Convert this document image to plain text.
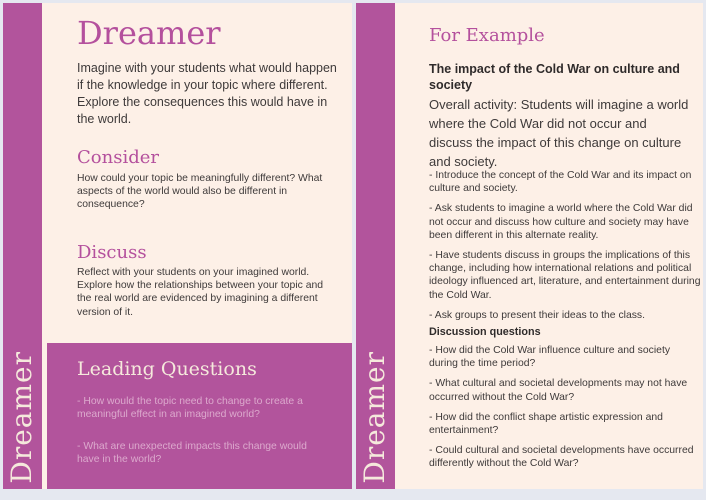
Dreamer
Dreamer
Imagine with your students what would happen if the knowledge in your topic where different. Explore the consequences this would have in the world.
Consider
How could your topic be meaningfully different? What aspects of the world would also be different in consequence?
Discuss
Reflect with your students on your imagined world. Explore how the relationships between your topic and the real world are evidenced by imagining a different version of it.
Leading Questions
- How would the topic need to change to create a meaningful effect in an imagined world?
- What are unexpected impacts this change would have in the world?	Dreamer
For Example
The impact of the Cold War on culture and society
Overall activity: Students will imagine a world where the Cold War did not occur and discuss the impact of this change on culture and society.
- Introduce the concept of the Cold War and its impact on culture and society.
- Ask students to imagine a world where the Cold War did not occur and discuss how culture and society may have been different in this alternate reality.
- Have students discuss in groups the implications of this change, including how international relations and political ideology influenced art, literature, and entertainment during the Cold War.
- Ask groups to present their ideas to the class.
Discussion questions
- How did the Cold War influence culture and society during the time period?
- What cultural and societal developments may not have occurred without the Cold War?
- How did the conflict shape artistic expression and entertainment?
- Could cultural and societal developments have occurred differently without the Cold War?
